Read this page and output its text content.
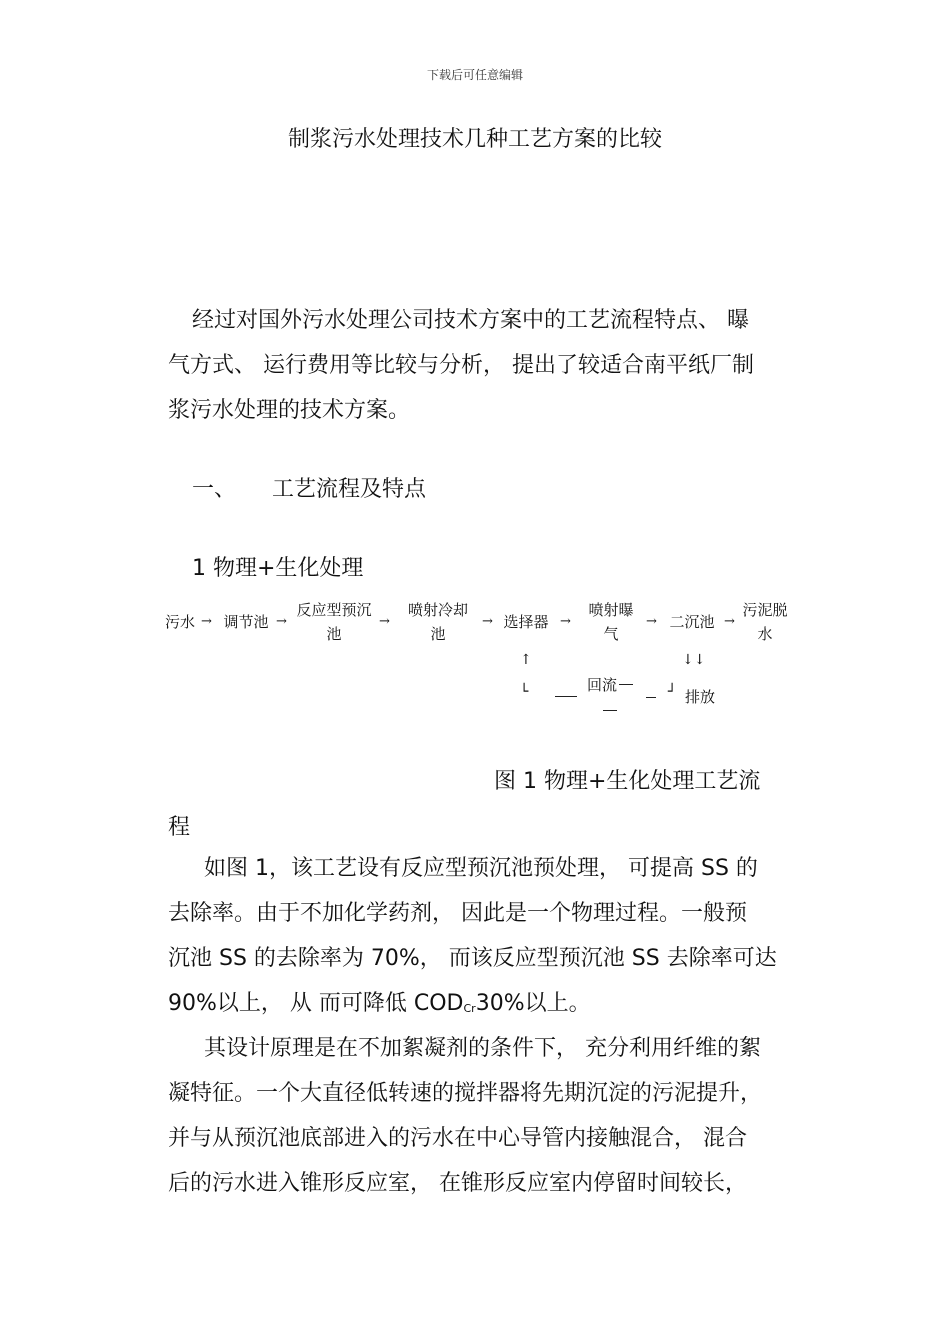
下载后可任意编辑
制浆污水处理技术几种工艺方案的比较

经过对国外污水处理公司技术方案中的工艺流程特点、 曝

气方式、 运行费用等比较与分析， 提出了较适合南平纸厂制

浆污水处理的技术方案。

一、 工艺流程及特点
1 物理+生化处理
污水 → 调节池 →
反应型预沉
池
→
喷射冷却
池
→ 选择器 →
喷射曝
气
→ 二沉池 →
污泥脱
水
↑	↓↓
└	回流	┘ 排放
图 1 物理+生化处理工艺流
程

如图 1，该工艺设有反应型预沉池预处理， 可提高 SS 的

去除率。由于不加化学药剂， 因此是一个物理过程。一般预

沉池 SS 的去除率为 70%， 而该反应型预沉池 SS 去除率可达

90%以上， 从 而可降低 $COD_{Cr}30\%$以上。

其设计原理是在不加絮凝剂的条件下， 充分利用纤维的絮

凝特征。一个大直径低转速的搅拌器将先期沉淀的污泥提升，

并与从预沉池底部进入的污水在中心导管内接触混合， 混合

后的污水进入锥形反应室， 在锥形反应室内停留时间较长，
